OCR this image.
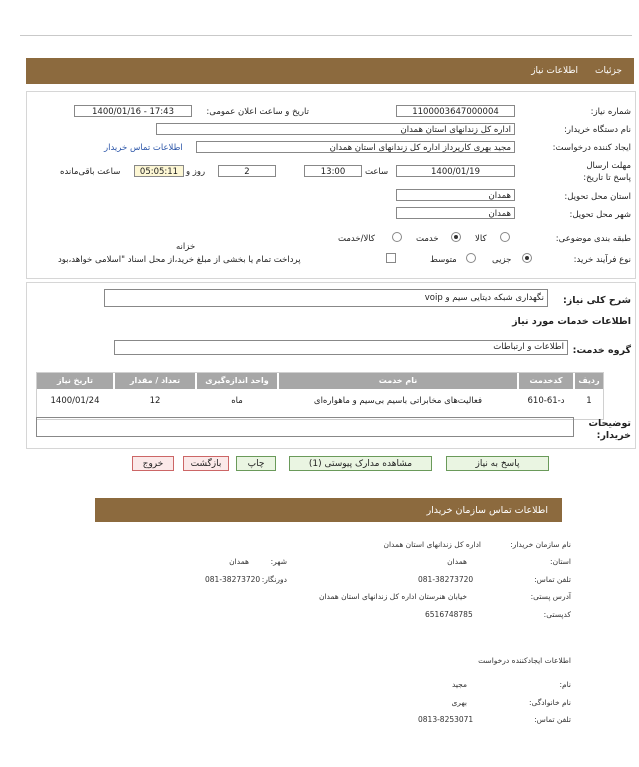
جزئیات
اطلاعات نیاز
شماره نیاز:
1100003647000004
تاریخ و ساعت اعلان عمومی:
1400/01/16 - 17:43
نام دستگاه خریدار:
اداره کل زندانهای استان همدان
ایجاد کننده درخواست:
مجید بهری کارپرداز اداره کل زندانهای استان همدان
اطلاعات تماس خریدار
مهلت ارسال پاسخ تا تاریخ:
1400/01/19
ساعت
13:00
2
روز و
05:05:11
ساعت باقی‌مانده
استان محل تحویل:
همدان
شهر محل تحویل:
همدان
طبقه بندی موضوعی:
کالا
خدمت
کالا/خدمت
نوع فرآیند خرید:
جزیی
متوسط
پرداخت تمام یا بخشی از مبلغ خرید،از محل اسناد "اسلامی خواهد،بود
خزانه
شرح کلی نیاز:
نگهداری شبکه دیتایی سیم و voip
اطلاعات خدمات مورد نیاز
گروه خدمت:
اطلاعات و ارتباطات
ردیف
کدخدمت
نام خدمت
واحد اندازه‌گیری
تعداد / مقدار
تاریخ نیاز
1
د-61-610
فعالیت‌های مخابراتی باسیم بی‌سیم و ماهواره‌ای
ماه
12
1400/01/24
توضیحات خریدار:
پاسخ به نیاز
مشاهده مدارک پیوستی (1)
چاپ
بازگشت
خروج
اطلاعات تماس سازمان خریدار
نام سازمان خریدار:
اداره کل زندانهای استان همدان
استان:
همدان
شهر:
همدان
تلفن تماس:
081-38273720
دورنگار:
081-38273720
آدرس پستی:
خیابان هنرستان اداره کل زندانهای استان همدان
کدپستی:
6516748785
اطلاعات ایجادکننده درخواست
نام:
مجید
نام خانوادگی:
بهری
تلفن تماس:
0813-8253071
